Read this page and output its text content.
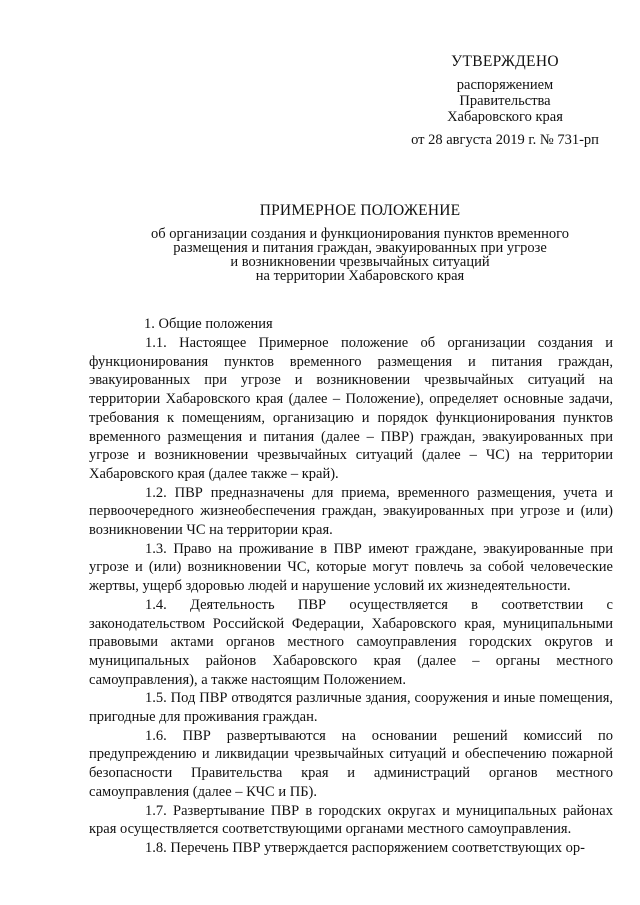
УТВЕРЖДЕНО
распоряжением
Правительства
Хабаровского края
от 28 августа 2019 г. № 731-рп
ПРИМЕРНОЕ ПОЛОЖЕНИЕ
об организации создания и функционирования пунктов временного
размещения и питания граждан, эвакуированных при угрозе
и возникновении чрезвычайных ситуаций
на территории Хабаровского края
1. Общие положения

1.1. Настоящее Примерное положение об организации создания и функционирования пунктов временного размещения и питания граждан, эвакуированных при угрозе и возникновении чрезвычайных ситуаций на территории Хабаровского края (далее – Положение), определяет основные задачи, требования к помещениям, организацию и порядок функционирования пунктов временного размещения и питания (далее – ПВР) граждан, эвакуированных при угрозе и возникновении чрезвычайных ситуаций (далее – ЧС) на территории Хабаровского края (далее также – край).

1.2. ПВР предназначены для приема, временного размещения, учета и первоочередного жизнеобеспечения граждан, эвакуированных при угрозе и (или) возникновении ЧС на территории края.

1.3. Право на проживание в ПВР имеют граждане, эвакуированные при угрозе и (или) возникновении ЧС, которые могут повлечь за собой человеческие жертвы, ущерб здоровью людей и нарушение условий их жизнедеятельности.

1.4. Деятельность ПВР осуществляется в соответствии с законодательством Российской Федерации, Хабаровского края, муниципальными правовыми актами органов местного самоуправления городских округов и муниципальных районов Хабаровского края (далее – органы местного самоуправления), а также настоящим Положением.

1.5. Под ПВР отводятся различные здания, сооружения и иные помещения, пригодные для проживания граждан.

1.6. ПВР развертываются на основании решений комиссий по предупреждению и ликвидации чрезвычайных ситуаций и обеспечению пожарной безопасности Правительства края и администраций органов местного самоуправления (далее – КЧС и ПБ).

1.7. Развертывание ПВР в городских округах и муниципальных районах края осуществляется соответствующими органами местного самоуправления.

1.8. Перечень ПВР утверждается распоряжением соответствующих ор-
